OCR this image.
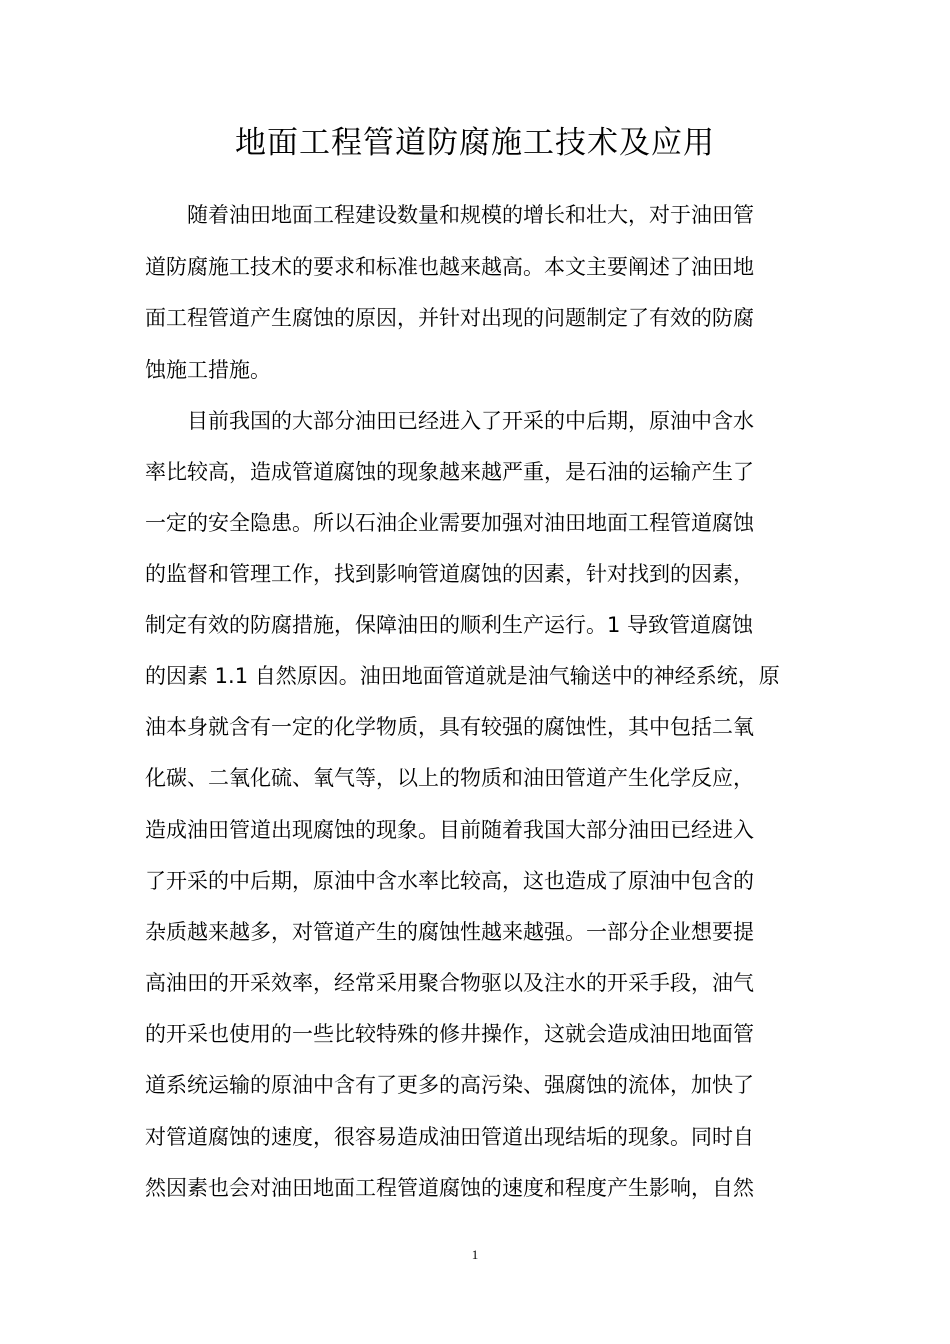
地面工程管道防腐施工技术及应用

　　随着油田地面工程建设数量和规模的增长和壮大，对于油田管

道防腐施工技术的要求和标准也越来越高。本文主要阐述了油田地

面工程管道产生腐蚀的原因，并针对出现的问题制定了有效的防腐

蚀施工措施。

　　目前我国的大部分油田已经进入了开采的中后期，原油中含水

率比较高，造成管道腐蚀的现象越来越严重，是石油的运输产生了

一定的安全隐患。所以石油企业需要加强对油田地面工程管道腐蚀

的监督和管理工作，找到影响管道腐蚀的因素，针对找到的因素，

制定有效的防腐措施，保障油田的顺利生产运行。1 导致管道腐蚀

的因素 1.1 自然原因。油田地面管道就是油气输送中的神经系统，原

油本身就含有一定的化学物质，具有较强的腐蚀性，其中包括二氧

化碳、二氧化硫、氧气等，以上的物质和油田管道产生化学反应，

造成油田管道出现腐蚀的现象。目前随着我国大部分油田已经进入

了开采的中后期，原油中含水率比较高，这也造成了原油中包含的

杂质越来越多，对管道产生的腐蚀性越来越强。一部分企业想要提

高油田的开采效率，经常采用聚合物驱以及注水的开采手段，油气

的开采也使用的一些比较特殊的修井操作，这就会造成油田地面管

道系统运输的原油中含有了更多的高污染、强腐蚀的流体，加快了

对管道腐蚀的速度，很容易造成油田管道出现结垢的现象。同时自

然因素也会对油田地面工程管道腐蚀的速度和程度产生影响，自然

1
